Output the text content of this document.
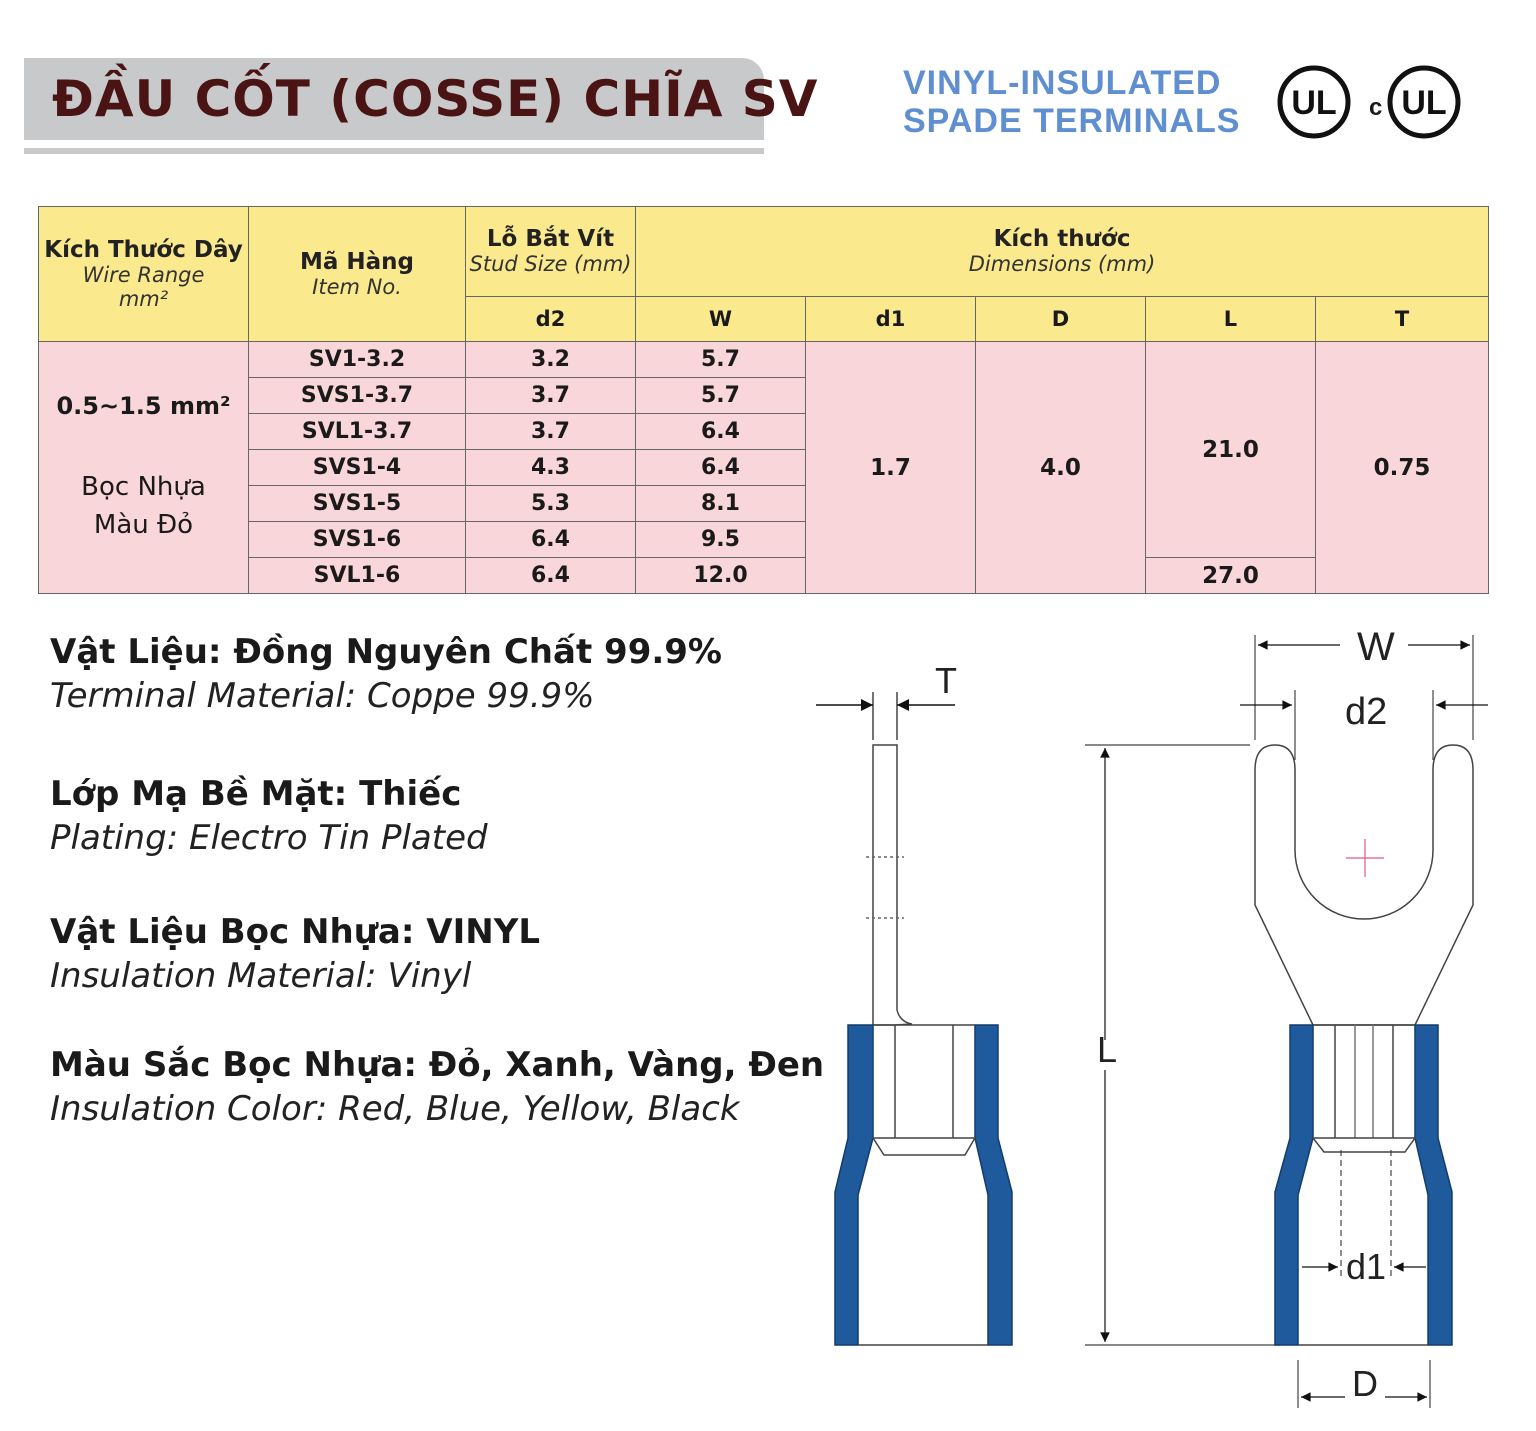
ĐẦU CỐT (COSSE) CHĨA SV VINYL-INSULATED
SPADE TERMINALS UL c UL
Kích Thước Dây
Wire Range
mm²	Mã Hàng
Item No.	Lỗ Bắt Vít
Stud Size (mm)	Kích thước
Dimensions (mm)				

		d2	W	d1	D	L	T

0.5~1.5 mm²
Bọc Nhựa
Màu Đỏ	SV1-3.2	3.2	5.7	1.7	4.0	21.0	0.75
	SVS1-3.7	3.7	5.7				
	SVL1-3.7	3.7	6.4				
	SVS1-4	4.3	6.4				
	SVS1-5	5.3	8.1				
	SVS1-6	6.4	9.5				
	SVL1-6	6.4	12.0			27.0	
Vật Liệu: Đồng Nguyên Chất 99.9%
Terminal Material: Coppe 99.9%
Lớp Mạ Bề Mặt: Thiếc
Plating: Electro Tin Plated
Vật Liệu Bọc Nhựa: VINYL
Insulation Material: Vinyl
Màu Sắc Bọc Nhựa: Đỏ, Xanh, Vàng, Đen
Insulation Color: Red, Blue, Yellow, Black
T
L
W
d2
d1
D
